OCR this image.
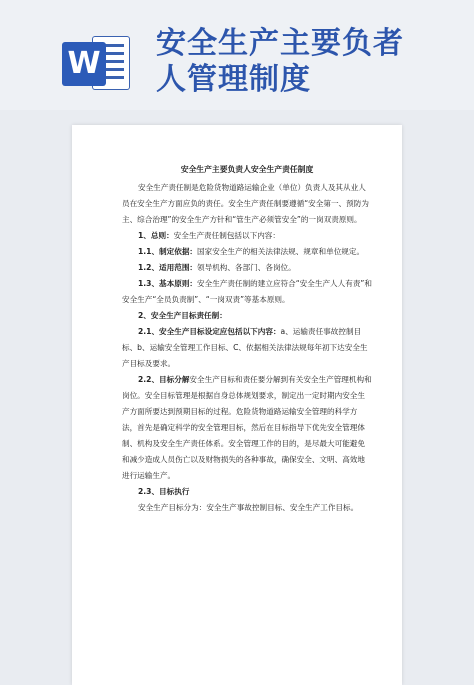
W
安全生产主要负者
人管理制度

安全生产主要负责人安全生产责任制度

安全生产责任制是危险货物道路运输企业（单位）负责人及其从业人员在安全生产方面应负的责任。安全生产责任制要遵循“安全第一、预防为主、综合治理”的安全生产方针和“管生产必须管安全”的一岗双责原则。

1、总则：安全生产责任制包括以下内容：

1.1、制定依据：国家安全生产的相关法律法规、规章和单位规定。

1.2、适用范围：领导机构、各部门、各岗位。

1.3、基本原则：安全生产责任制的建立应符合“安全生产人人有责”和安全生产“全员负责制”、“一岗双责”等基本原则。

2、安全生产目标责任制：

2.1、安全生产目标设定应包括以下内容：a、运输责任事故控制目标、b、运输安全管理工作目标、C、依据相关法律法规每年初下达安全生产目标及要求。

2.2、目标分解安全生产目标和责任要分解到有关安全生产管理机构和岗位。安全目标管理是根据自身总体规划要求，制定出一定时期内安全生产方面所要达到预期目标的过程。危险货物道路运输安全管理的科学方法，首先是确定科学的安全管理目标，然后在目标指导下优先安全管理体制、机构及安全生产责任体系。安全管理工作的目的，是尽最大可能避免和减少造成人员伤亡以及财物损失的各种事故，确保安全、文明、高效地进行运输生产。

2.3、目标执行

安全生产目标分为：安全生产事故控制目标、安全生产工作目标。
